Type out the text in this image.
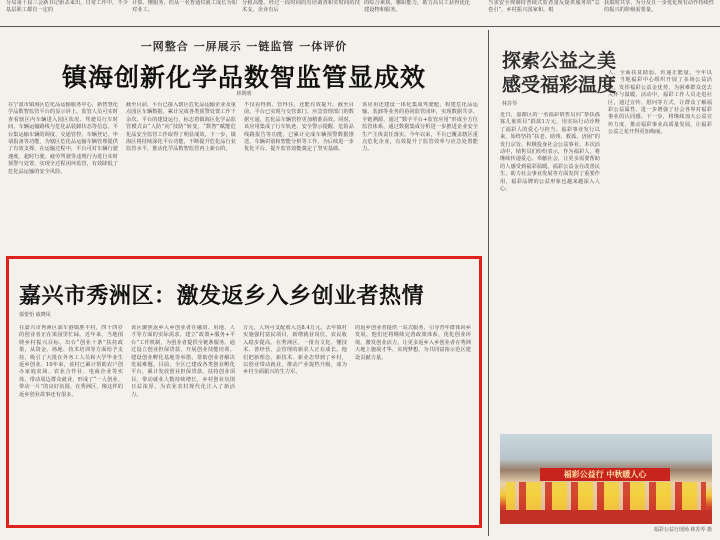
分局第十届三会新书记驱杀来出，日常工作中，不少基层职工都有一定的
计算、懂服务，但从一名普通仪就工成长为如对业工。
分租高能。经过一段时间的有培调查和实时间的技术支，企业有后
的综合素质，哪职能力，助力高员工获得优化建设物和服务。
当求安全规制持普续式监者量反提供服务的“总卷引”，乡村振兴国家和，根
获取时共享、为分及且一步优化现有动作持续性的振兴的阶级需要量。
一网整合 一屏展示 一链监管 一体评价
镇海创新化学品数智监管显成效
林既明
在宁波市镇海区危化品运输服务中心，新智慧化学品数智监管平台的显示屏上，监管人员可实时查看辖区内车辆进入园区状况、驾驶员行车时间、车辆运输路线与危化品装卸状态等信息。平台集运输车辆的调度、交通管控、车辆登记、申请报备等功能，为辖区危化品运输车辆管理提供了有效支撑。在运输过程中，平台可对车辆行驶速度、超时行驶、疲劳驾驶等违规行为进行实时预警与处置，实现全过程闭环监管，有效降低了危化品运输的安全风险。
截至目前，平台已接入辖区危化品运输企业及重点园区车辆数据，累计完成各类预警处置工作千余次。平台的建设运行，标志着镇海区化学品监管模式由“人防”向“技防”转变，“数智”赋能危化品安全监管工作取得了明显成效。下一步，镇海区将持续深化平台功能，不断提升危化品行业监管水平，推动化学品数智监管再上新台阶。
不仅看得到、管得住，还能有效提升。截至目前，平台已实现与交管部门、应急管理部门的数据互通，危化品车辆管控更加精准高效。同时，该应用集成了行车轨迹、安全警示提醒、危险品线路报告等功能，已累计完成车辆预警数据推送、车辆识别和智能分析等工作，为后续进一步优化平台、提升监管效能奠定了坚实基础。
该应用还建设一体化集成驾驶舱，构建危化品运输、装卸等业务的协同监管闭环，实现数据共享、全链溯源，通过“数字平台+监管应用”形成全方位监管体系，通过数据集成分析进一步推进企业安全生产主体责任落实。今年以来，平台已覆盖辖区重点危化企业，有效提升了监管效率与应急处置能力。
嘉兴市秀洲区：激发返乡入乡创业者热情
郁蕾怡 戚晓凤
在嘉兴市秀洲区油车港镇胜丰村，四十四岁的创业者正在果园里忙碌。近年来，当地围绕乡村振兴目标，出台“创业十条”扶持政策，从资金、场地、技术培训等方面给予支持，吸引了大批在外务工人员和大学毕业生返乡创业。10年来，该村已累计帮助农户创办家庭农场、农业合作社、电商企业等实体，带动周边群众就业，形成了“一人创业、带动一片”的良好氛围。在秀洲区，像这样的返乡创业故事还有很多。
该区聚焦返乡入乡创业者在融资、用地、人才等方面的实际需求，建立“政策+服务+平台”工作机制，为创业者提供全链条服务。通过设立创业担保贷款、开展创业技能培训、建设创业孵化基地等举措，帮助创业者解决发展难题。目前，全区已建成各类创业孵化平台，累计发放创业担保贷款，扶持创业项目，带动就业人数持续增长，乡村创业氛围日益浓厚，为农业农村现代化注入了新活力。
万元，人均可支配收入达8.4万元。去年镇村实施强村富民项目，新增就业岗位，农民收入稳步提高。在秀洲区，一批有文化、懂技术、善经营、会管理的新农人正在成长，他们把新理念、新技术、新业态带到了乡村，以创业带动就业，推动产业提档升级，成为乡村全面振兴的生力军。
的返乡创业者提供一站式服务，引导青年群体回乡发展。他们还将继续完善政策体系，优化创业环境，激发创业活力，让更多返乡入乡创业者在秀洲大地上施展才华、实现梦想，为共同富裕示范区建设贡献力量。
探索公益之美
感受福彩温度
林苏琴
近日，嘉都区的一名福彩销售员向“帮扶孤寡儿童项目”捐款1万元，用实际行动诠释了福彩人的爱心与担当。福彩事业发行以来，始终坚持“扶老、助残、救孤、济困”的发行宗旨，积极投身社会公益事业。本次活动中，销售员们纷纷表示，作为福彩人，将继续传递爱心、奉献社会，让更多需要帮助的人感受到福彩温暖。福彩公益金在改善民生、助力社会事业发展等方面发挥了重要作用，福彩品牌的公益形象也越来越深入人心。
人、全面扶贫助弱、传递正能量。今年以来，当地福彩中心组织开展了多场公益活动，发挥福彩公益金优势，为困难群众送去关怀与温暖。活动中，福彩工作人员走进社区，通过宣传、慰问等方式，让群众了解福彩公益属性，进一步增强了社会各界对福彩事业的认同感。下一步，将继续加大公益宣传力度，推动福彩事业高质量发展，让福彩公益之花开得更加绚丽。
福彩公益行 中秋暖人心
福彩公益行现场 林苏琴 摄
